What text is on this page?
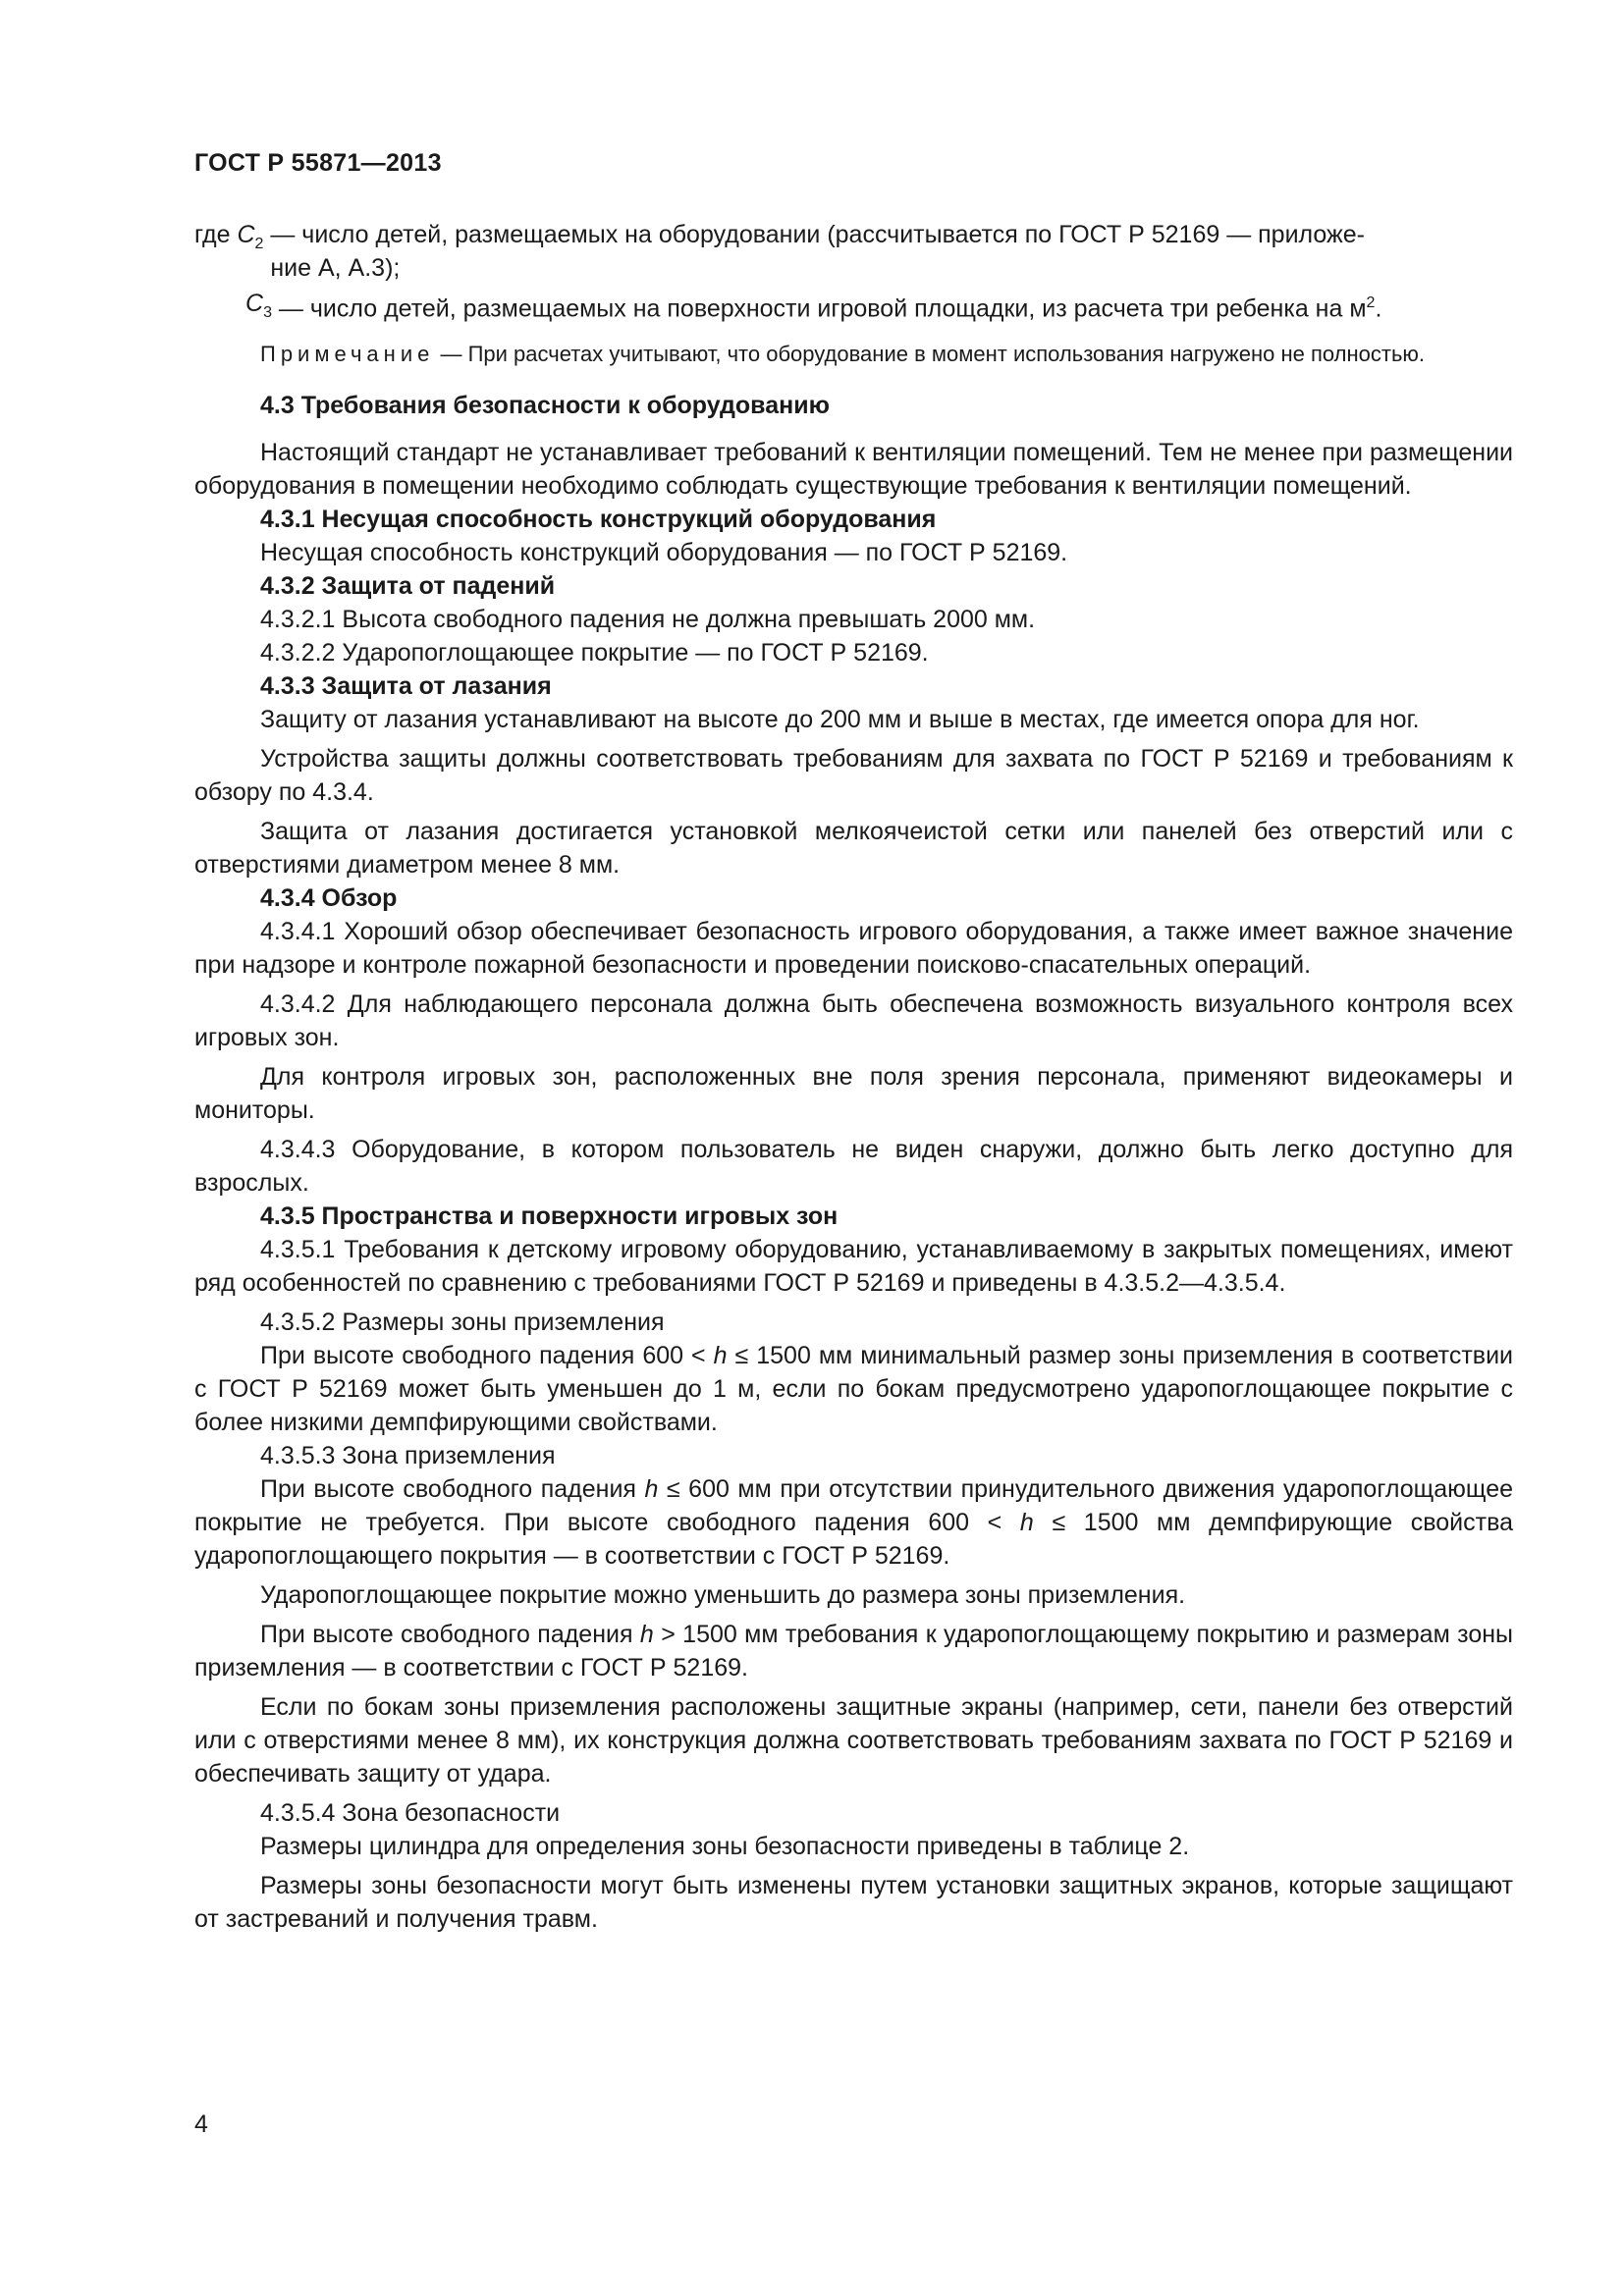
ГОСТ Р 55871—2013
где $C_2$ — число детей, размещаемых на оборудовании (рассчитывается по ГОСТ Р 52169 — приложе-
ние А, А.3);
$C_3$ — число детей, размещаемых на поверхности игровой площадки, из расчета три ребенка на $м^2$.

Примечание — При расчетах учитывают, что оборудование в момент использования нагружено не полностью.

4.3 Требования безопасности к оборудованию

Настоящий стандарт не устанавливает требований к вентиляции помещений. Тем не менее при размещении оборудования в помещении необходимо соблюдать существующие требования к вентиляции помещений.

4.3.1 Несущая способность конструкций оборудования

Несущая способность конструкций оборудования — по ГОСТ Р 52169.

4.3.2 Защита от падений

4.3.2.1 Высота свободного падения не должна превышать 2000 мм.

4.3.2.2 Ударопоглощающее покрытие — по ГОСТ Р 52169.

4.3.3 Защита от лазания

Защиту от лазания устанавливают на высоте до 200 мм и выше в местах, где имеется опора для ног.

Устройства защиты должны соответствовать требованиям для захвата по ГОСТ Р 52169 и требованиям к обзору по 4.3.4.

Защита от лазания достигается установкой мелкоячеистой сетки или панелей без отверстий или с отверстиями диаметром менее 8 мм.

4.3.4 Обзор

4.3.4.1 Хороший обзор обеспечивает безопасность игрового оборудования, а также имеет важное значение при надзоре и контроле пожарной безопасности и проведении поисково-спасательных операций.

4.3.4.2 Для наблюдающего персонала должна быть обеспечена возможность визуального контроля всех игровых зон.

Для контроля игровых зон, расположенных вне поля зрения персонала, применяют видеокамеры и мониторы.

4.3.4.3 Оборудование, в котором пользователь не виден снаружи, должно быть легко доступно для взрослых.

4.3.5 Пространства и поверхности игровых зон

4.3.5.1 Требования к детскому игровому оборудованию, устанавливаемому в закрытых помещениях, имеют ряд особенностей по сравнению с требованиями ГОСТ Р 52169 и приведены в 4.3.5.2—4.3.5.4.

4.3.5.2 Размеры зоны приземления

При высоте свободного падения 600 < h ≤ 1500 мм минимальный размер зоны приземления в соответствии с ГОСТ Р 52169 может быть уменьшен до 1 м, если по бокам предусмотрено ударопоглощающее покрытие с более низкими демпфирующими свойствами.

4.3.5.3 Зона приземления

При высоте свободного падения h ≤ 600 мм при отсутствии принудительного движения ударопоглощающее покрытие не требуется. При высоте свободного падения 600 < h ≤ 1500 мм демпфирующие свойства ударопоглощающего покрытия — в соответствии с ГОСТ Р 52169.

Ударопоглощающее покрытие можно уменьшить до размера зоны приземления.

При высоте свободного падения h > 1500 мм требования к ударопоглощающему покрытию и размерам зоны приземления — в соответствии с ГОСТ Р 52169.

Если по бокам зоны приземления расположены защитные экраны (например, сети, панели без отверстий или с отверстиями менее 8 мм), их конструкция должна соответствовать требованиям захвата по ГОСТ Р 52169 и обеспечивать защиту от удара.

4.3.5.4 Зона безопасности

Размеры цилиндра для определения зоны безопасности приведены в таблице 2.

Размеры зоны безопасности могут быть изменены путем установки защитных экранов, которые защищают от застреваний и получения травм.

4
